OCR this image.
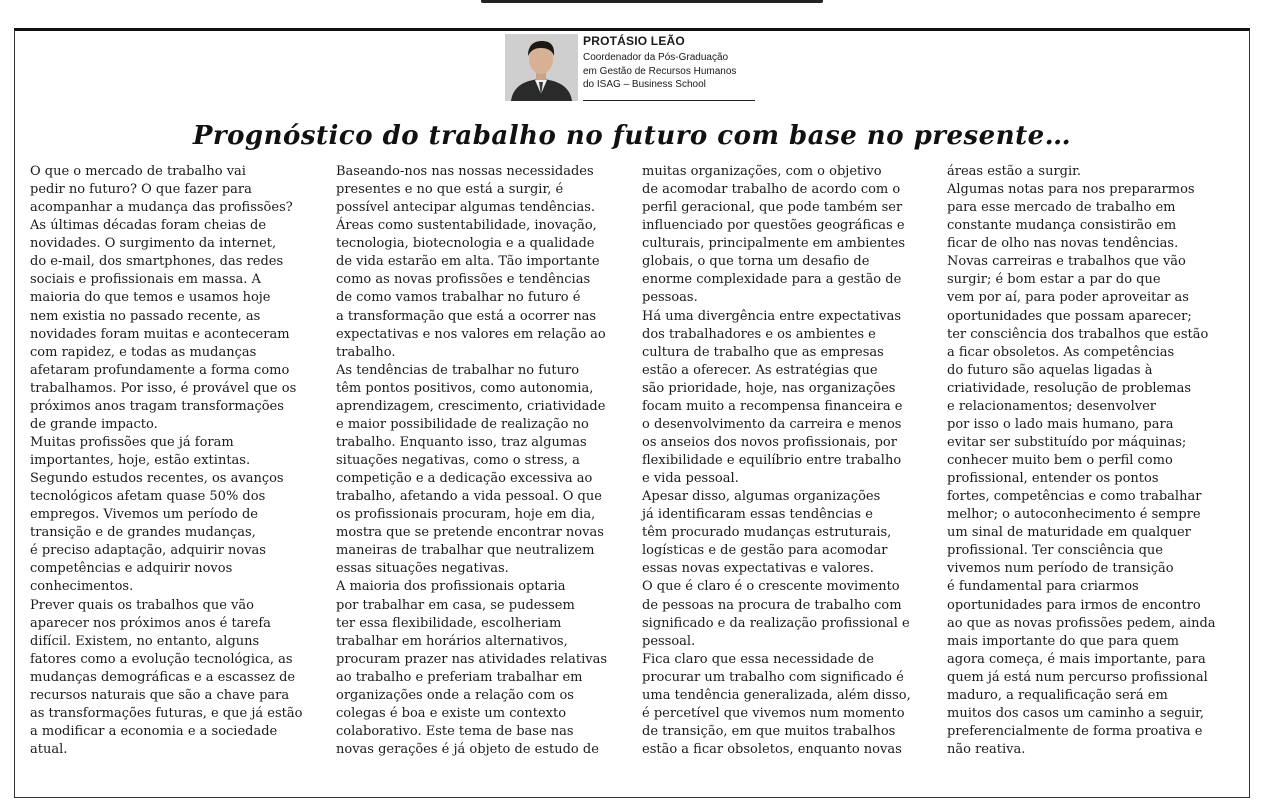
PROTÁSIO LEÃO

Coordenador da Pós-Graduação

em Gestão de Recursos Humanos

do ISAG – Business School

Prognóstico do trabalho no futuro com base no presente…

O que o mercado de trabalho vai

pedir no futuro? O que fazer para

acompanhar a mudança das profissões?

As últimas décadas foram cheias de

novidades. O surgimento da internet,

do e-mail, dos smartphones, das redes

sociais e profissionais em massa. A

maioria do que temos e usamos hoje

nem existia no passado recente, as

novidades foram muitas e aconteceram

com rapidez, e todas as mudanças

afetaram profundamente a forma como

trabalhamos. Por isso, é provável que os

próximos anos tragam transformações

de grande impacto.

Muitas profissões que já foram

importantes, hoje, estão extintas.

Segundo estudos recentes, os avanços

tecnológicos afetam quase 50% dos

empregos. Vivemos um período de

transição e de grandes mudanças,

é preciso adaptação, adquirir novas

competências e adquirir novos

conhecimentos.

Prever quais os trabalhos que vão

aparecer nos próximos anos é tarefa

difícil. Existem, no entanto, alguns

fatores como a evolução tecnológica, as

mudanças demográficas e a escassez de

recursos naturais que são a chave para

as transformações futuras, e que já estão

a modificar a economia e a sociedade

atual.

Baseando-nos nas nossas necessidades

presentes e no que está a surgir, é

possível antecipar algumas tendências.

Áreas como sustentabilidade, inovação,

tecnologia, biotecnologia e a qualidade

de vida estarão em alta. Tão importante

como as novas profissões e tendências

de como vamos trabalhar no futuro é

a transformação que está a ocorrer nas

expectativas e nos valores em relação ao

trabalho.

As tendências de trabalhar no futuro

têm pontos positivos, como autonomia,

aprendizagem, crescimento, criatividade

e maior possibilidade de realização no

trabalho. Enquanto isso, traz algumas

situações negativas, como o stress, a

competição e a dedicação excessiva ao

trabalho, afetando a vida pessoal. O que

os profissionais procuram, hoje em dia,

mostra que se pretende encontrar novas

maneiras de trabalhar que neutralizem

essas situações negativas.

A maioria dos profissionais optaria

por trabalhar em casa, se pudessem

ter essa flexibilidade, escolheriam

trabalhar em horários alternativos,

procuram prazer nas atividades relativas

ao trabalho e preferiam trabalhar em

organizações onde a relação com os

colegas é boa e existe um contexto

colaborativo. Este tema de base nas

novas gerações é já objeto de estudo de

muitas organizações, com o objetivo

de acomodar trabalho de acordo com o

perfil geracional, que pode também ser

influenciado por questões geográficas e

culturais, principalmente em ambientes

globais, o que torna um desafio de

enorme complexidade para a gestão de

pessoas.

Há uma divergência entre expectativas

dos trabalhadores e os ambientes e

cultura de trabalho que as empresas

estão a oferecer. As estratégias que

são prioridade, hoje, nas organizações

focam muito a recompensa financeira e

o desenvolvimento da carreira e menos

os anseios dos novos profissionais, por

flexibilidade e equilíbrio entre trabalho

e vida pessoal.

Apesar disso, algumas organizações

já identificaram essas tendências e

têm procurado mudanças estruturais,

logísticas e de gestão para acomodar

essas novas expectativas e valores.

O que é claro é o crescente movimento

de pessoas na procura de trabalho com

significado e da realização profissional e

pessoal.

Fica claro que essa necessidade de

procurar um trabalho com significado é

uma tendência generalizada, além disso,

é percetível que vivemos num momento

de transição, em que muitos trabalhos

estão a ficar obsoletos, enquanto novas

áreas estão a surgir.

Algumas notas para nos prepararmos

para esse mercado de trabalho em

constante mudança consistirão em

ficar de olho nas novas tendências.

Novas carreiras e trabalhos que vão

surgir; é bom estar a par do que

vem por aí, para poder aproveitar as

oportunidades que possam aparecer;

ter consciência dos trabalhos que estão

a ficar obsoletos. As competências

do futuro são aquelas ligadas à

criatividade, resolução de problemas

e relacionamentos; desenvolver

por isso o lado mais humano, para

evitar ser substituído por máquinas;

conhecer muito bem o perfil como

profissional, entender os pontos

fortes, competências e como trabalhar

melhor; o autoconhecimento é sempre

um sinal de maturidade em qualquer

profissional. Ter consciência que

vivemos num período de transição

é fundamental para criarmos

oportunidades para irmos de encontro

ao que as novas profissões pedem, ainda

mais importante do que para quem

agora começa, é mais importante, para

quem já está num percurso profissional

maduro, a requalificação será em

muitos dos casos um caminho a seguir,

preferencialmente de forma proativa e

não reativa.
